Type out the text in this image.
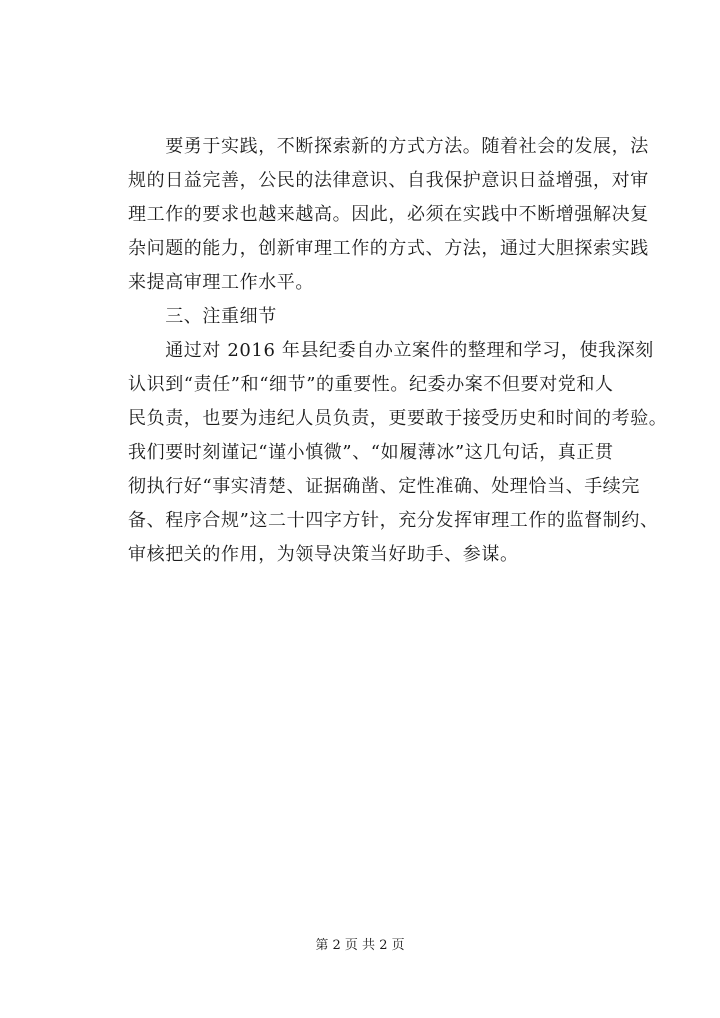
　　要勇于实践，不断探索新的方式方法。随着社会的发展，法
规的日益完善，公民的法律意识、自我保护意识日益增强，对审
理工作的要求也越来越高。因此，必须在实践中不断增强解决复
杂问题的能力，创新审理工作的方式、方法，通过大胆探索实践
来提高审理工作水平。
　　三、注重细节
　　通过对 2016 年县纪委自办立案件的整理和学习，使我深刻
认识到“责任”和“细节”的重要性。纪委办案不但要对党和人
民负责，也要为违纪人员负责，更要敢于接受历史和时间的考验。
我们要时刻谨记“谨小慎微”、“如履薄冰”这几句话，真正贯
彻执行好“事实清楚、证据确凿、定性准确、处理恰当、手续完
备、程序合规”这二十四字方针，充分发挥审理工作的监督制约、
审核把关的作用，为领导决策当好助手、参谋。
第 2 页 共 2 页
